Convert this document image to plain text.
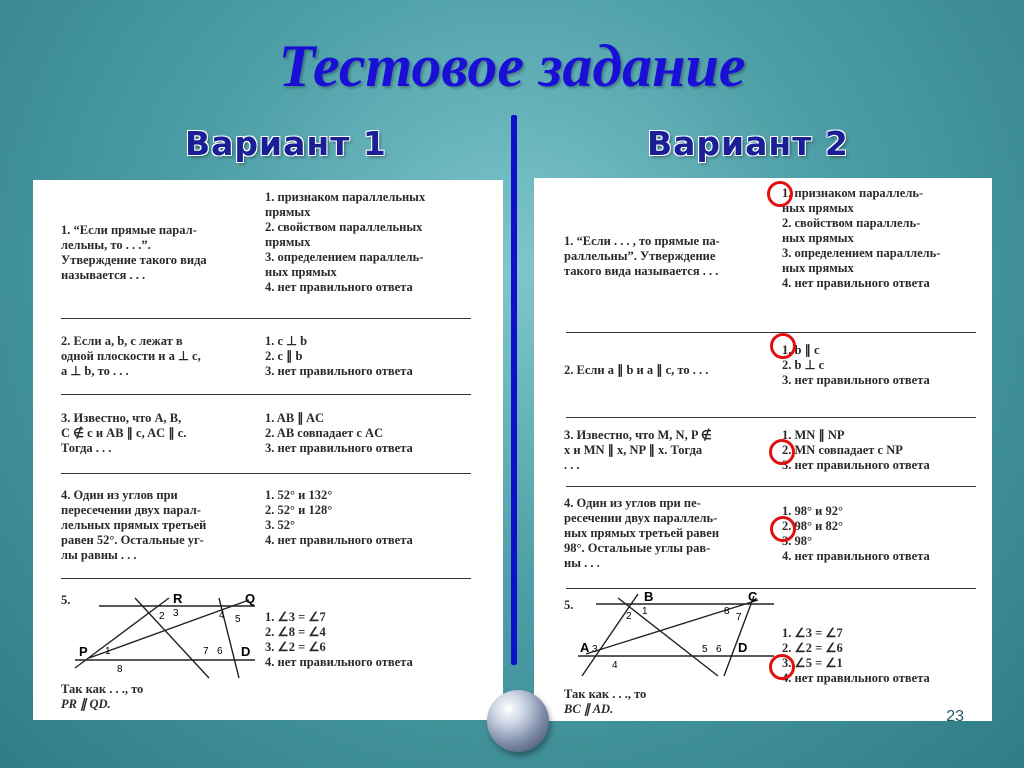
Тестовое задание
Вариант 1	Вариант 2
1. “Если прямые парал-
лельны, то . . .”.
Утверждение такого вида
называется . . .
1. признаком параллельных
прямых
2. свойством параллельных
прямых
3. определением параллель-
ных прямых
4. нет правильного ответа
2. Если a, b, c лежат в
одной плоскости и a ⊥ c,
a ⊥ b, то . . .
1. c ⊥ b
2. c ∥ b
3. нет правильного ответа
3. Известно, что A, B,
C ∉ c и AB ∥ c, AC ∥ c.
Тогда . . .
1. AB ∥ AC
2. AB совпадает с AC
3. нет правильного ответа
4. Один из углов при
пересечении двух парал-
лельных прямых третьей
равен 52°. Остальные уг-
лы равны . . .
1. 52° и 132°
2. 52° и 128°
3. 52°
4. нет правильного ответа
5.	R	Q
P	D
2 3	4 5
1
8
7 6
1. ∠3 = ∠7
2. ∠8 = ∠4
3. ∠2 = ∠6
4. нет правильного ответа
Так как . . ., то
PR ∥ QD.
1. “Если . . . , то прямые па-
раллельны”. Утверждение
такого вида называется . . .
1. признаком параллель-
ных прямых
2. свойством параллель-
ных прямых
3. определением параллель-
ных прямых
4. нет правильного ответа
2. Если a ∥ b и a ∥ c, то . . .
1. b ∥ c
2. b ⊥ c
3. нет правильного ответа
3. Известно, что M, N, P ∉
x и MN ∥ x, NP ∥ x. Тогда
. . .
1. MN ∥ NP
2. MN совпадает с NP
3. нет правильного ответа
4. Один из углов при пе-
ресечении двух параллель-
ных прямых третьей равен
98°. Остальные углы рав-
ны . . .
1. 98° и 92°
2. 98° и 82°
3. 98°
4. нет правильного ответа
5.
B	C
A	D
2 1	8
7
3
4
5 6
1. ∠3 = ∠7
2. ∠2 = ∠6
3. ∠5 = ∠1
4. нет правильного ответа
Так как . . ., то
BC ∥ AD.	23
